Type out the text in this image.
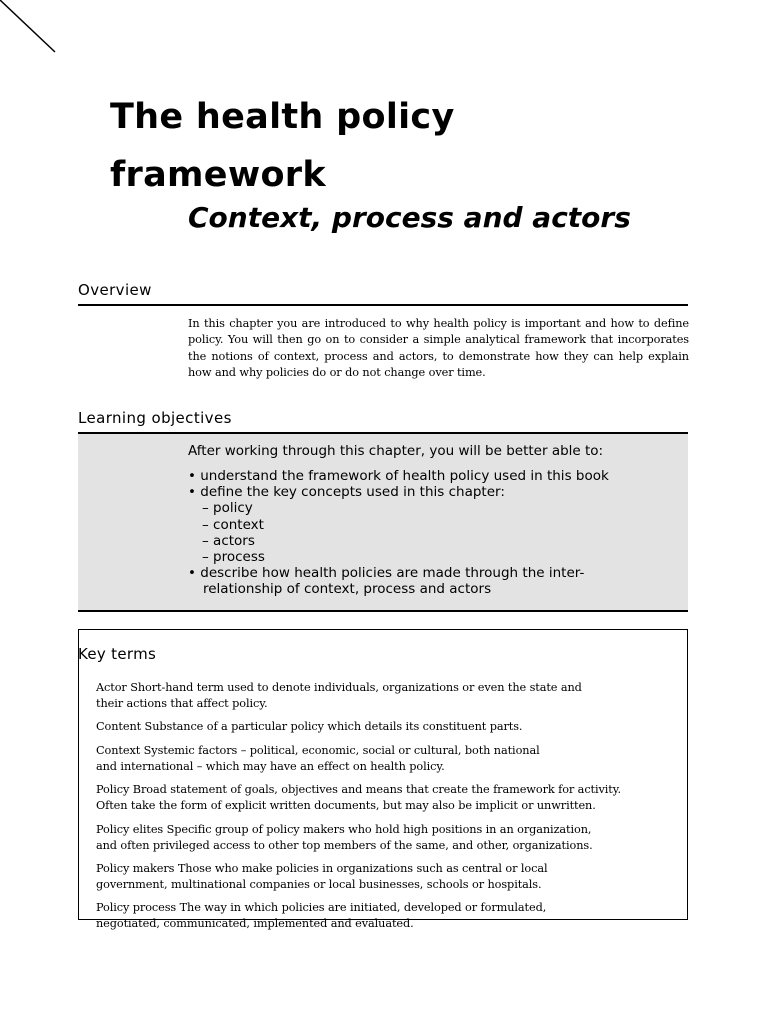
The health policy
framework
Context, process and actors
Overview

In this chapter you are introduced to why health policy is important and how to define policy. You will then go on to consider a simple analytical framework that incorporates the notions of context, process and actors, to demonstrate how they can help explain how and why policies do or do not change over time.

Learning objectives

After working through this chapter, you will be better able to:

• understand the framework of health policy used in this book
• define the key concepts used in this chapter:
– policy
– context
– actors
– process
• describe how health policies are made through the inter-
relationship of context, process and actors
Key terms
Actor Short-hand term used to denote individuals, organizations or even the state and
their actions that affect policy.
Content Substance of a particular policy which details its constituent parts.
Context Systemic factors – political, economic, social or cultural, both national
and international – which may have an effect on health policy.
Policy Broad statement of goals, objectives and means that create the framework for activity.
Often take the form of explicit written documents, but may also be implicit or unwritten.
Policy elites Specific group of policy makers who hold high positions in an organization,
and often privileged access to other top members of the same, and other, organizations.
Policy makers Those who make policies in organizations such as central or local
government, multinational companies or local businesses, schools or hospitals.
Policy process The way in which policies are initiated, developed or formulated,
negotiated, communicated, implemented and evaluated.
